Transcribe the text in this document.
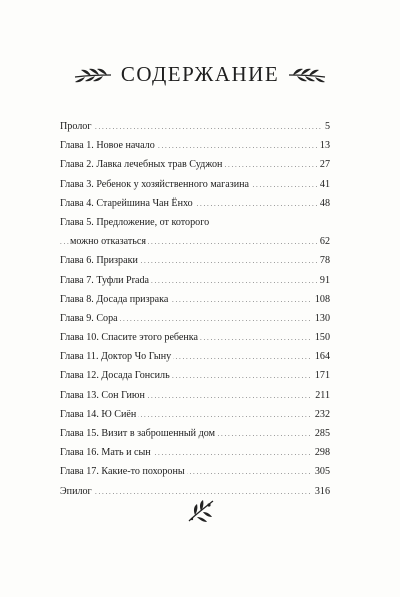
СОДЕРЖАНИЕ
Пролог . . .	5
Глава 1. Новое начало . . .	13
Глава 2. Лавка лечебных трав Суджон . . .	27
Глава 3. Ребенок у хозяйственного магазина . . .	41
Глава 4. Старейшина Чан Ёнхо . . .	48
Глава 5. Предложение, от которого
можно отказаться . . .	62
Глава 6. Призраки . . .	78
Глава 7. Туфли Prada . . .	91
Глава 8. Досада призрака . . .	108
Глава 9. Сора . . .	130
Глава 10. Спасите этого ребенка . . .	150
Глава 11. Доктор Чо Гыну . . .	164
Глава 12. Досада Гонсиль . . .	171
Глава 13. Сон Гиюн . . .	211
Глава 14. Ю Сиён . . .	232
Глава 15. Визит в заброшенный дом . . .	285
Глава 16. Мать и сын . . .	298
Глава 17. Какие-то похороны . . .	305
Эпилог . . .	316
